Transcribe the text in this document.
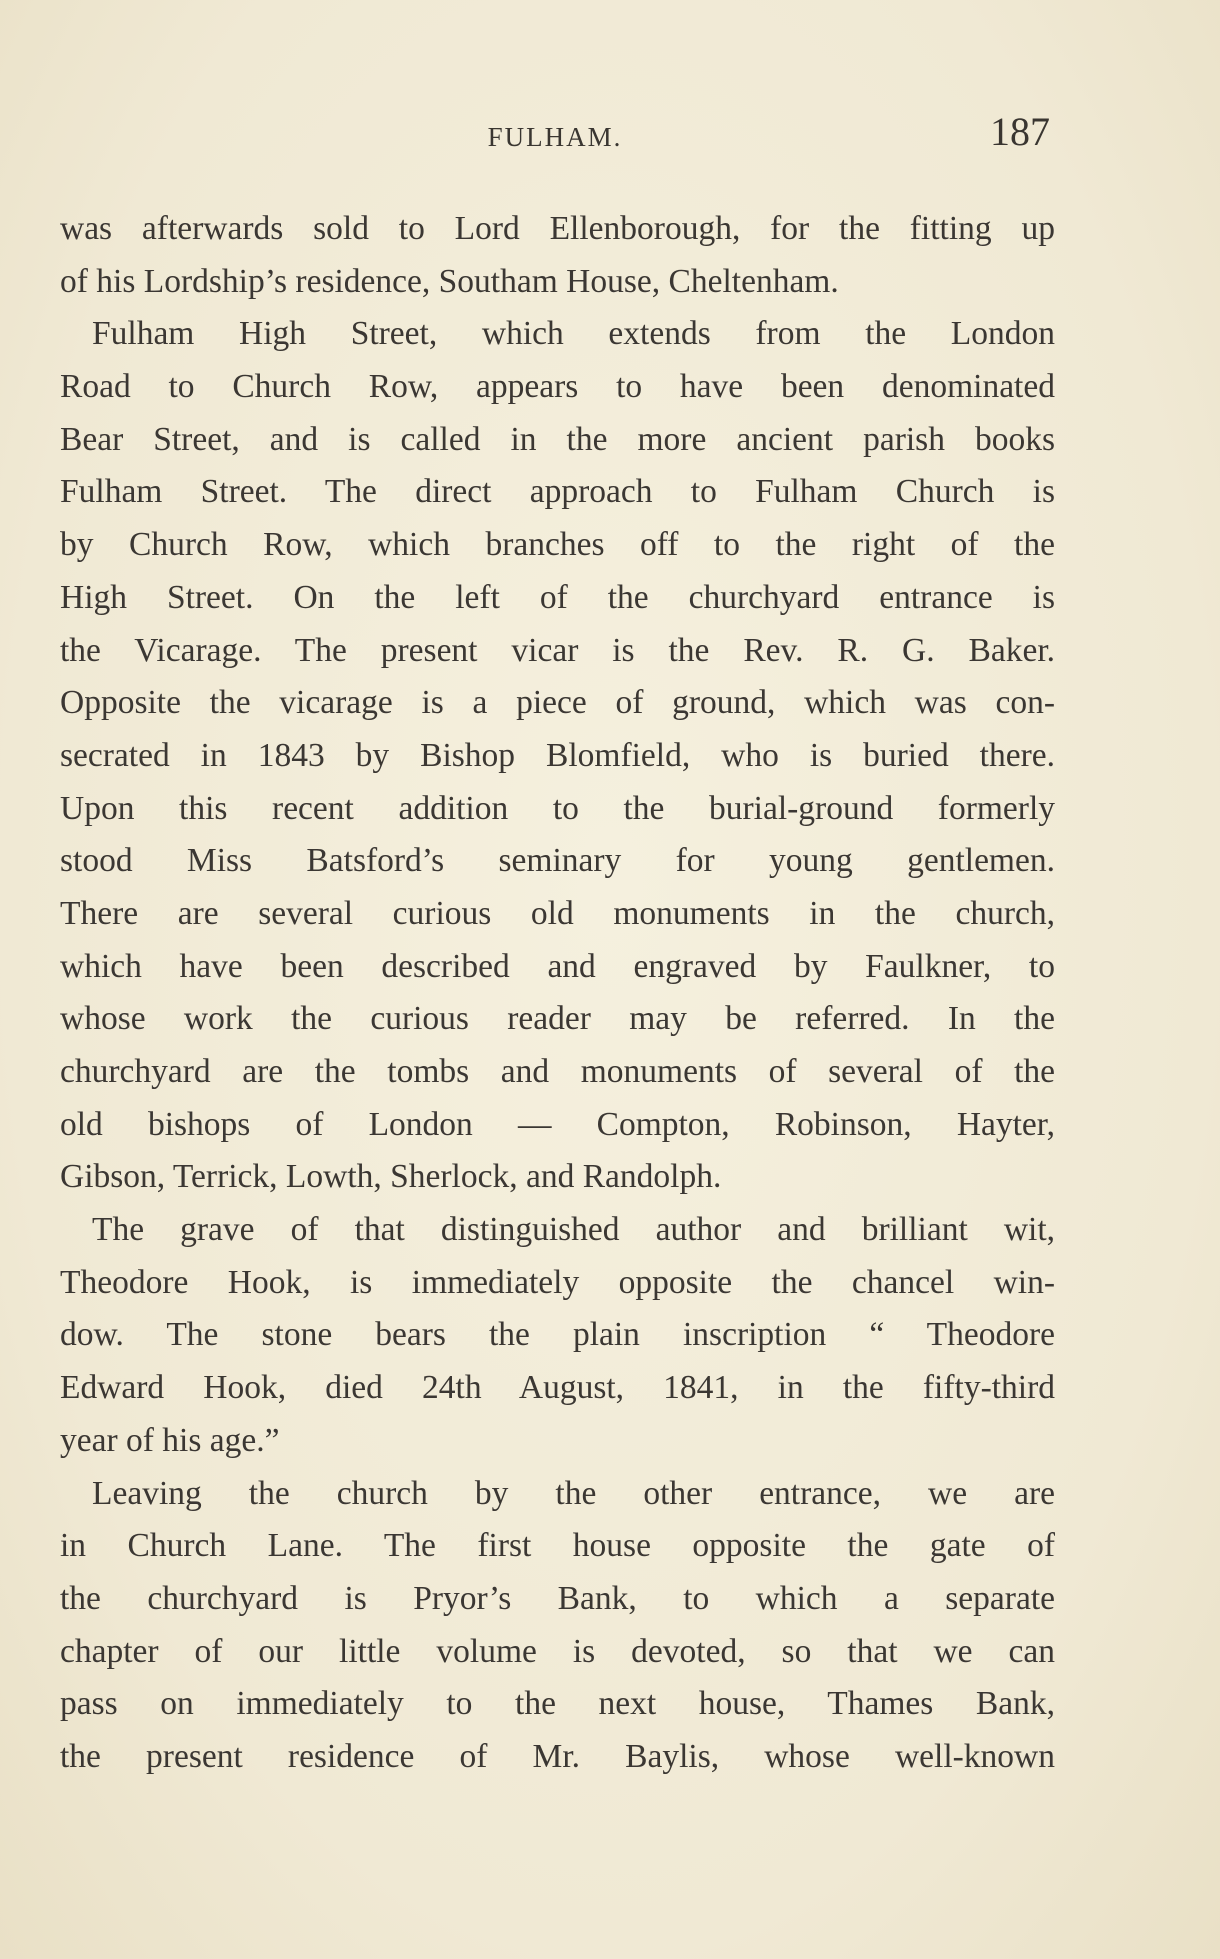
FULHAM.	187
was afterwards sold to Lord Ellenborough, for the fitting up
of his Lordship’s residence, Southam House, Cheltenham.
Fulham High Street, which extends from the London
Road to Church Row, appears to have been denominated
Bear Street, and is called in the more ancient parish books
Fulham Street. The direct approach to Fulham Church is
by Church Row, which branches off to the right of the
High Street. On the left of the churchyard entrance is
the Vicarage. The present vicar is the Rev. R. G. Baker.
Opposite the vicarage is a piece of ground, which was con-
secrated in 1843 by Bishop Blomfield, who is buried there.
Upon this recent addition to the burial-ground formerly
stood Miss Batsford’s seminary for young gentlemen.
There are several curious old monuments in the church,
which have been described and engraved by Faulkner, to
whose work the curious reader may be referred. In the
churchyard are the tombs and monuments of several of the
old bishops of London — Compton, Robinson, Hayter,
Gibson, Terrick, Lowth, Sherlock, and Randolph.
The grave of that distinguished author and brilliant wit,
Theodore Hook, is immediately opposite the chancel win-
dow. The stone bears the plain inscription “ Theodore
Edward Hook, died 24th August, 1841, in the fifty-third
year of his age.”
Leaving the church by the other entrance, we are
in Church Lane. The first house opposite the gate of
the churchyard is Pryor’s Bank, to which a separate
chapter of our little volume is devoted, so that we can
pass on immediately to the next house, Thames Bank,
the present residence of Mr. Baylis, whose well-known
